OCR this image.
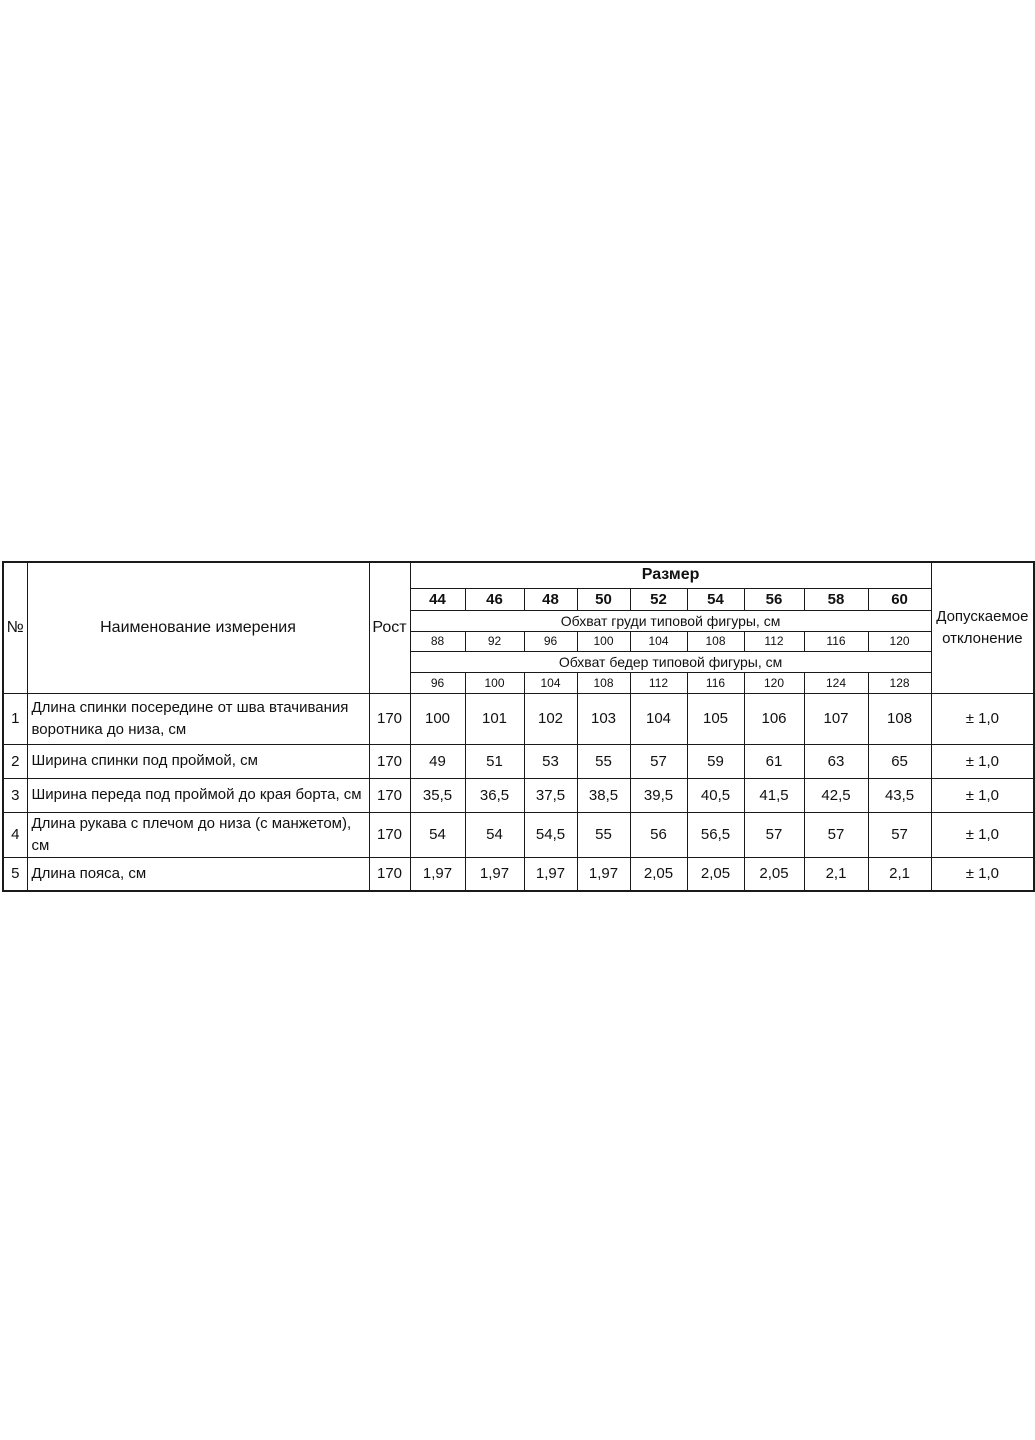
№	Наименование измерения	Рост	Размер									Допускаемое отклонение
			44	46	48	50	52	54	56	58	60	
			Обхват груди типовой фигуры, см									
			88	92	96	100	104	108	112	116	120	
			Обхват бедер типовой фигуры, см									
			96	100	104	108	112	116	120	124	128	
1	Длина спинки посередине от шва втачивания воротника до низа, см	170	100	101	102	103	104	105	106	107	108	± 1,0
2	Ширина спинки под проймой, см	170	49	51	53	55	57	59	61	63	65	± 1,0
3	Ширина переда под проймой до края борта, см	170	35,5	36,5	37,5	38,5	39,5	40,5	41,5	42,5	43,5	± 1,0
4	Длина рукава с плечом до низа (с манжетом), см	170	54	54	54,5	55	56	56,5	57	57	57	± 1,0
5	Длина пояса, см	170	1,97	1,97	1,97	1,97	2,05	2,05	2,05	2,1	2,1	± 1,0
